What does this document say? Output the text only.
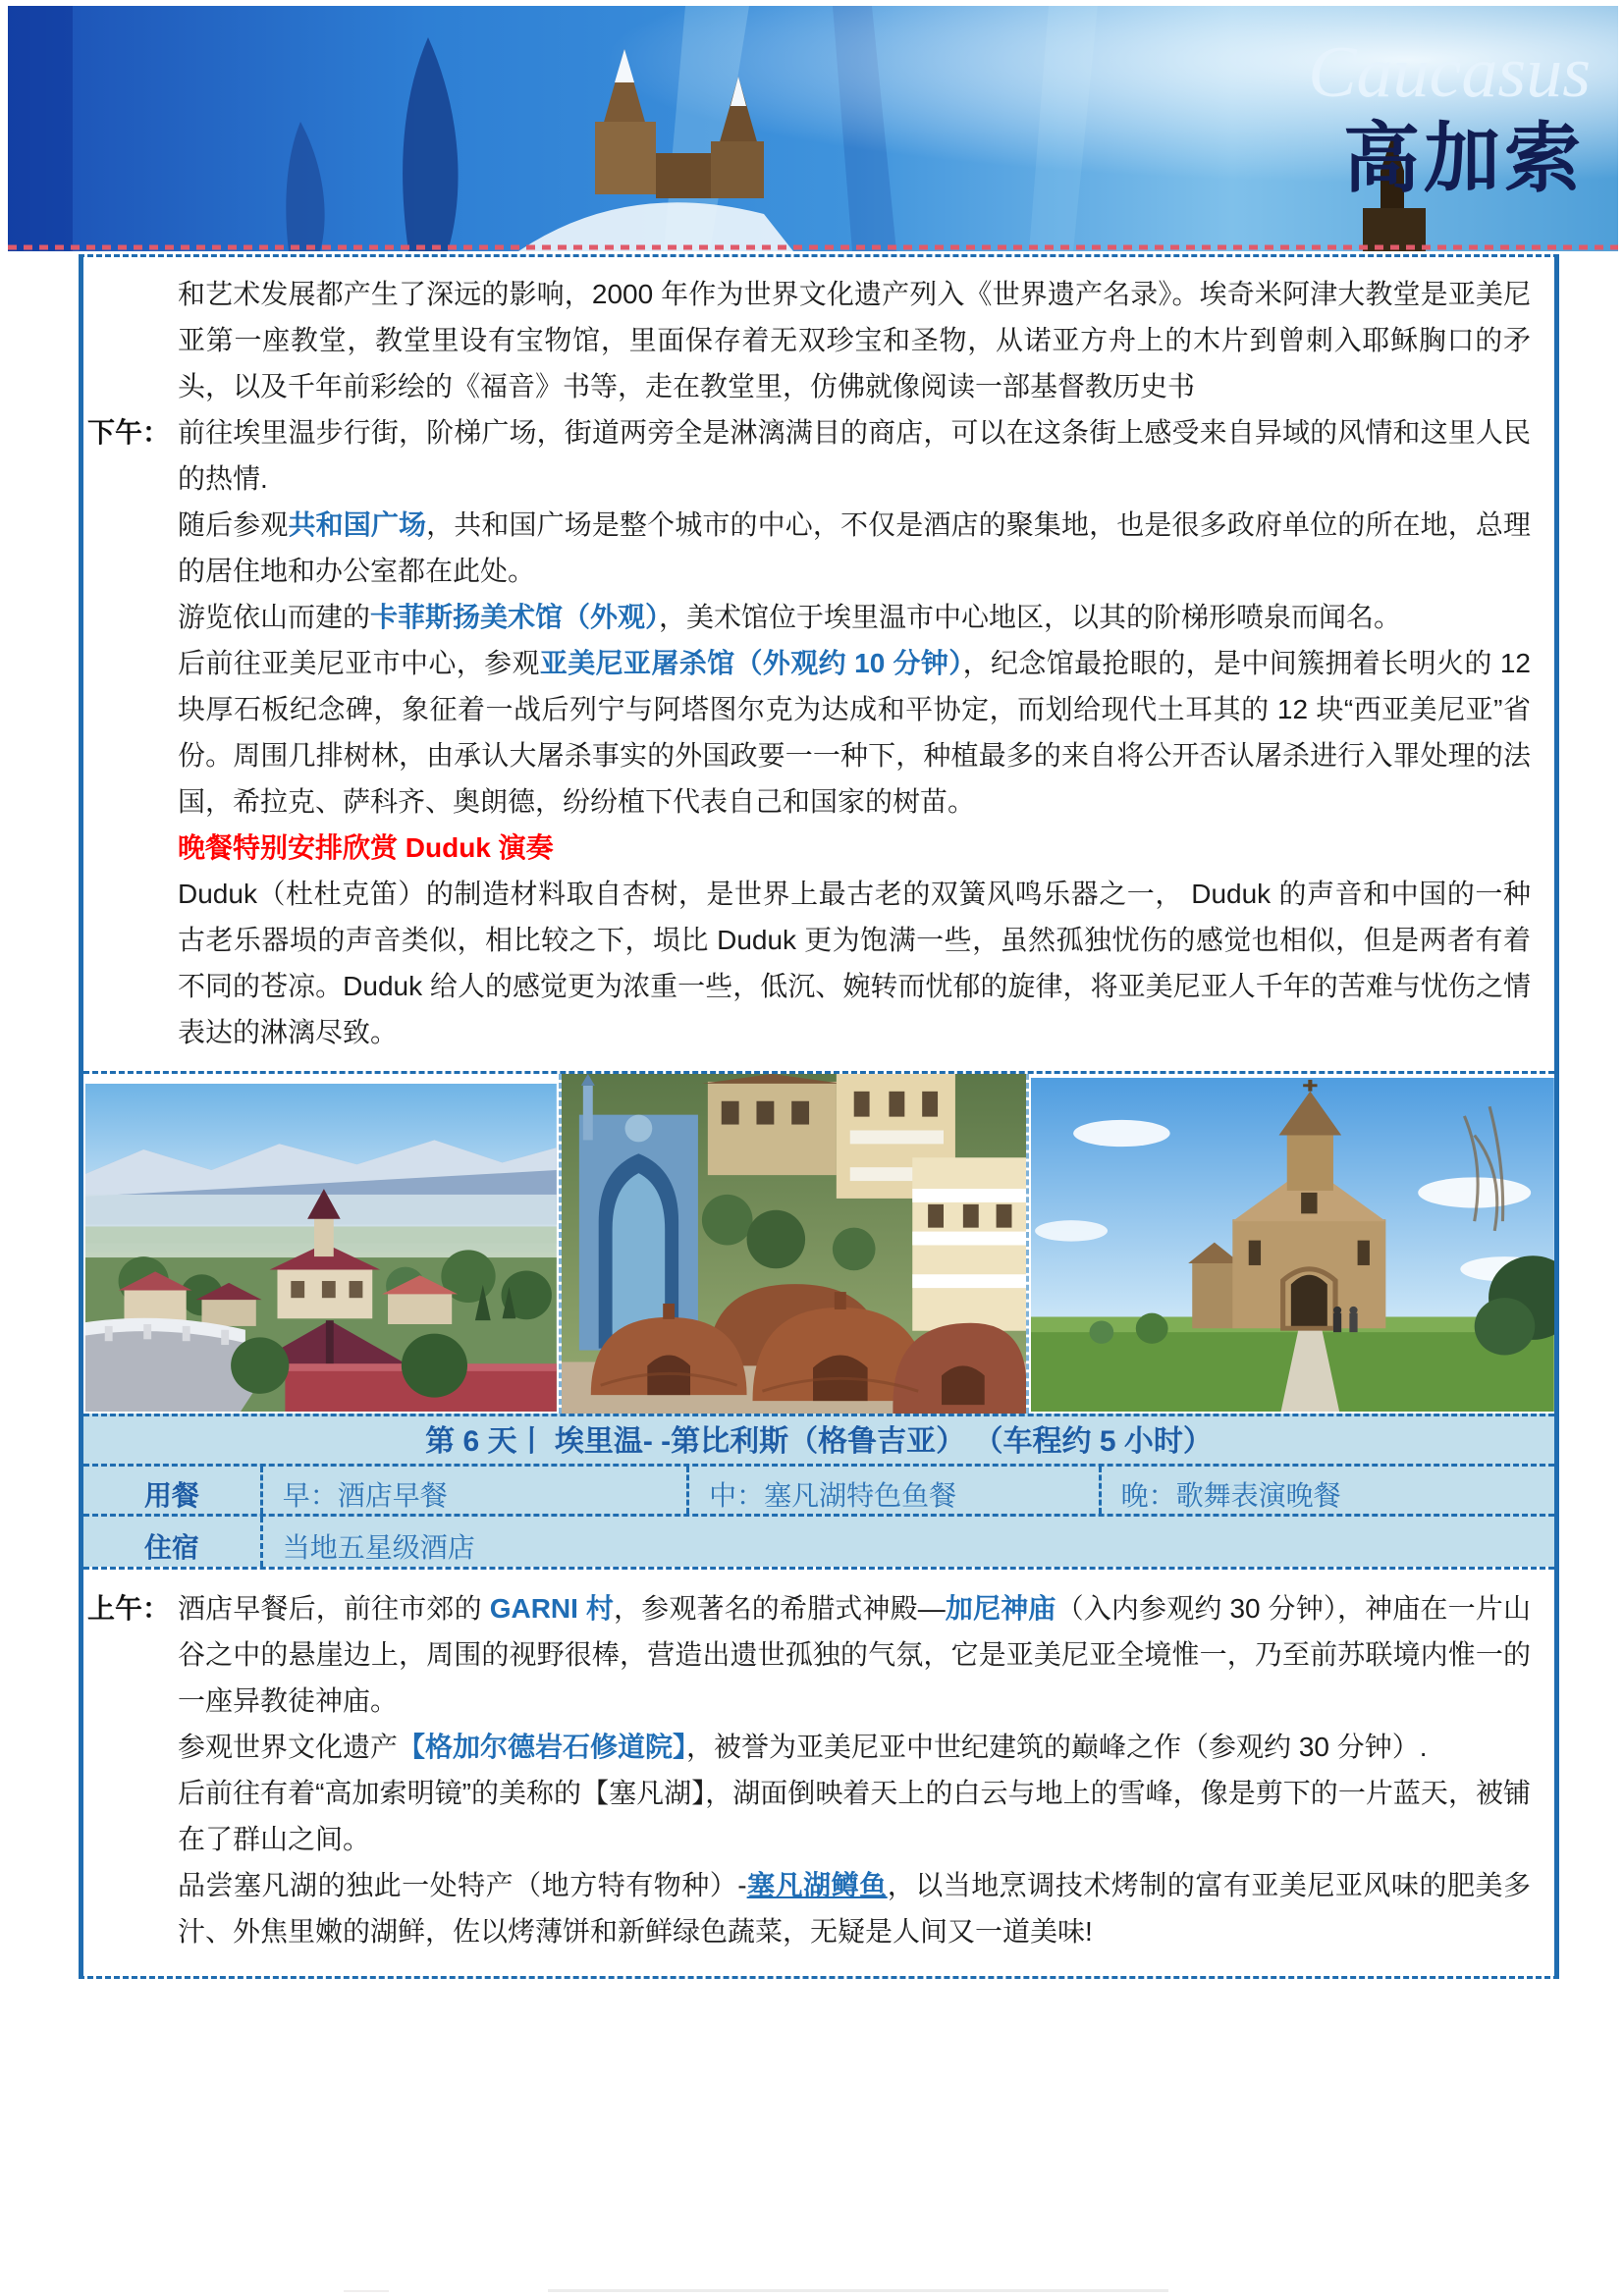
Caucasus
高加索

和艺术发展都产生了深远的影响，2000 年作为世界文化遗产列入《世界遗产名录》。埃奇米阿津大教堂是亚美尼亚第一座教堂，教堂里设有宝物馆，里面保存着无双珍宝和圣物，从诺亚方舟上的木片到曾刺入耶稣胸口的矛头，以及千年前彩绘的《福音》书等，走在教堂里，仿佛就像阅读一部基督教历史书

下午： 前往埃里温步行街，阶梯广场，街道两旁全是淋漓满目的商店，可以在这条街上感受来自异域的风情和这里人民的热情.

随后参观共和国广场，共和国广场是整个城市的中心，不仅是酒店的聚集地，也是很多政府单位的所在地，总理的居住地和办公室都在此处。

游览依山而建的卡菲斯扬美术馆（外观），美术馆位于埃里温市中心地区，以其的阶梯形喷泉而闻名。

后前往亚美尼亚市中心，参观亚美尼亚屠杀馆（外观约 10 分钟），纪念馆最抢眼的，是中间簇拥着长明火的 12 块厚石板纪念碑，象征着一战后列宁与阿塔图尔克为达成和平协定，而划给现代土耳其的 12 块“西亚美尼亚”省份。周围几排树林，由承认大屠杀事实的外国政要一一种下，种植最多的来自将公开否认屠杀进行入罪处理的法国，希拉克、萨科齐、奥朗德，纷纷植下代表自己和国家的树苗。

晚餐特别安排欣赏 Duduk 演奏

Duduk（杜杜克笛）的制造材料取自杏树，是世界上最古老的双簧风鸣乐器之一， Duduk 的声音和中国的一种古老乐器埙的声音类似，相比较之下，埙比 Duduk 更为饱满一些，虽然孤独忧伤的感觉也相似，但是两者有着不同的苍凉。Duduk 给人的感觉更为浓重一些，低沉、婉转而忧郁的旋律，将亚美尼亚人千年的苦难与忧伤之情表达的淋漓尽致。

第 6 天丨 埃里温- -第比利斯（格鲁吉亚） （车程约 5 小时）
用餐	早：酒店早餐	中：塞凡湖特色鱼餐	晚：歌舞表演晚餐
住宿	当地五星级酒店

上午： 酒店早餐后，前往市郊的 GARNI 村，参观著名的希腊式神殿—加尼神庙（入内参观约 30 分钟），神庙在一片山谷之中的悬崖边上，周围的视野很棒，营造出遗世孤独的气氛，它是亚美尼亚全境惟一，乃至前苏联境内惟一的一座异教徒神庙。

参观世界文化遗产【格加尔德岩石修道院】，被誉为亚美尼亚中世纪建筑的巅峰之作（参观约 30 分钟）.

后前往有着“高加索明镜”的美称的【塞凡湖】，湖面倒映着天上的白云与地上的雪峰，像是剪下的一片蓝天，被铺在了群山之间。

品尝塞凡湖的独此一处特产（地方特有物种）-塞凡湖鳟鱼，以当地烹调技术烤制的富有亚美尼亚风味的肥美多汁、外焦里嫩的湖鲜，佐以烤薄饼和新鲜绿色蔬菜，无疑是人间又一道美味!
